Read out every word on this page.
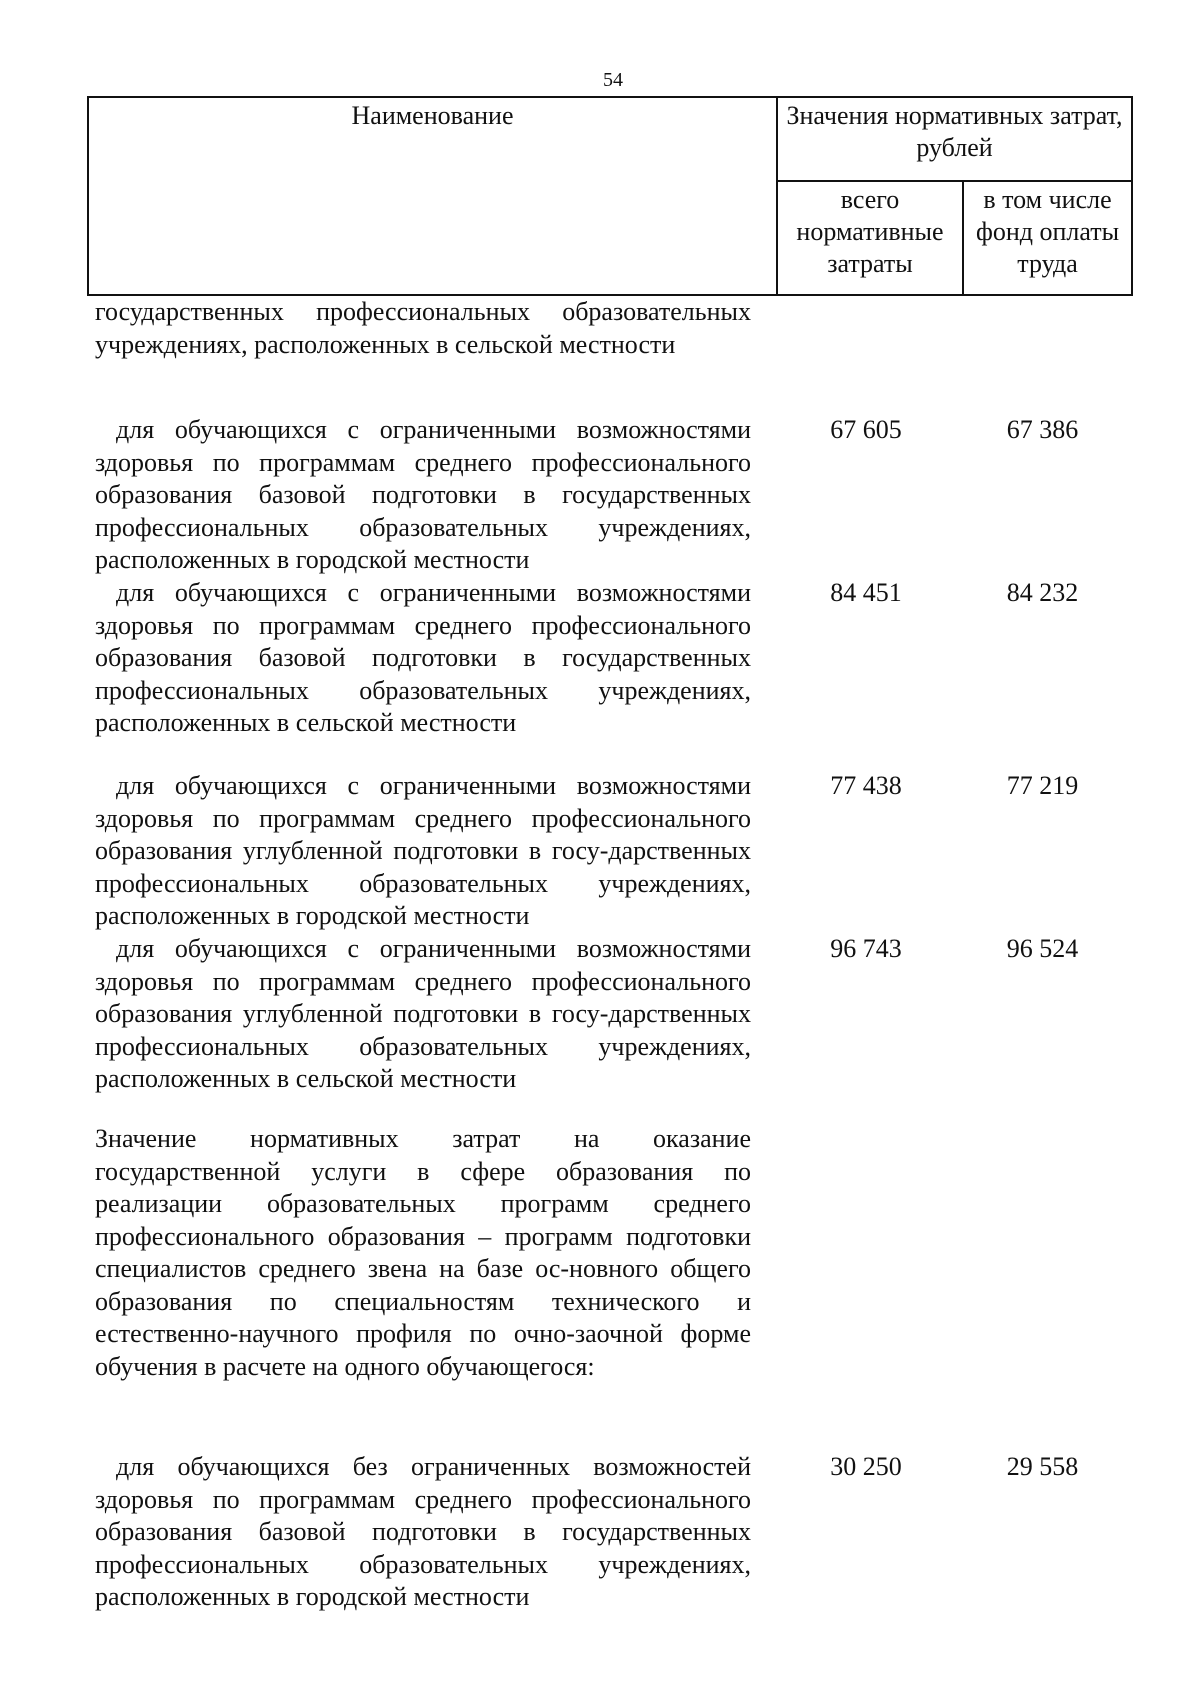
54
Наименование	Значения нормативных затрат, рублей	
	всего нормативные затраты	в том числе фонд оплаты труда
государственных профессиональных образовательных учреждениях, расположенных в сельской местности		
для обучающихся с ограниченными возможностями здоровья по программам среднего профессионального образования базовой подготовки в государственных профессиональных образовательных учреждениях, расположенных в городской местности	67 605	67 386
для обучающихся с ограниченными возможностями здоровья по программам среднего профессионального образования базовой подготовки в государственных профессиональных образовательных учреждениях, расположенных в сельской местности	84 451	84 232
для обучающихся с ограниченными возможностями здоровья по программам среднего профессионального образования углубленной подготовки в госу-дарственных профессиональных образовательных учреждениях, расположенных в городской местности	77 438	77 219
для обучающихся с ограниченными возможностями здоровья по программам среднего профессионального образования углубленной подготовки в госу-дарственных профессиональных образовательных учреждениях, расположенных в сельской местности	96 743	96 524
Значение нормативных затрат на оказание государственной услуги в сфере образования по реализации образовательных программ среднего профессионального образования – программ подготовки специалистов среднего звена на базе ос-новного общего образования по специальностям технического и естественно-научного профиля по очно-заочной форме обучения в расчете на одного обучающегося:		
для обучающихся без ограниченных возможностей здоровья по программам среднего профессионального образования базовой подготовки в государственных профессиональных образовательных учреждениях, расположенных в городской местности	30 250	29 558
